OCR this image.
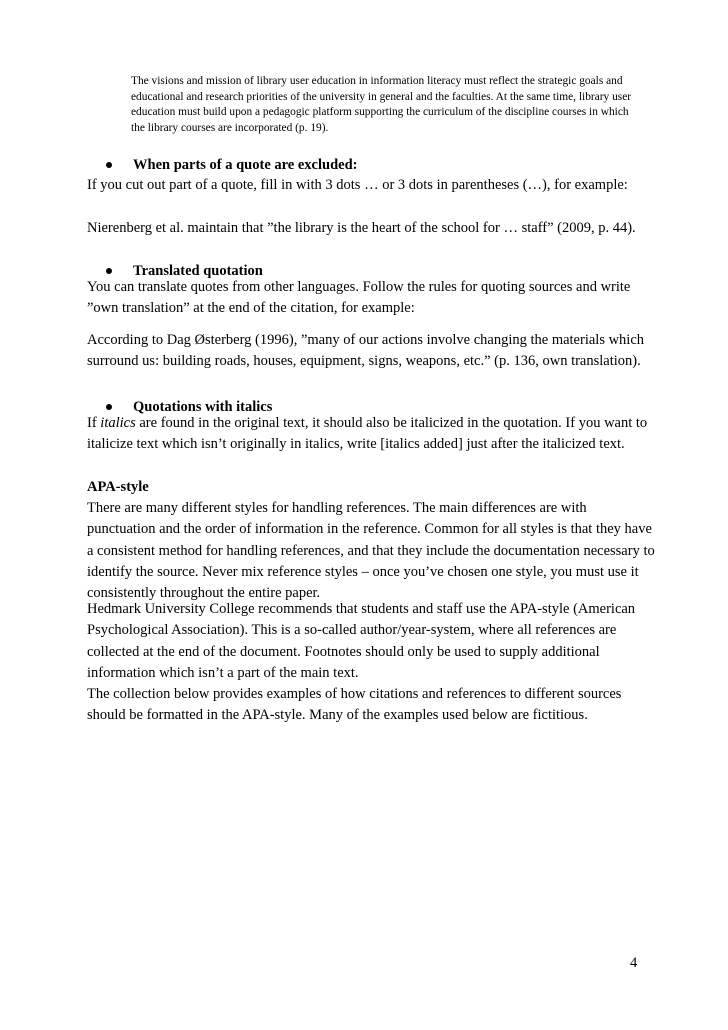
The visions and mission of library user education in information literacy must reflect the strategic goals and educational and research priorities of the university in general and the faculties. At the same time, library user education must build upon a pedagogic platform supporting the curriculum of the discipline courses in which the library courses are incorporated (p. 19).

When parts of a quote are excluded:

If you cut out part of a quote, fill in with 3 dots … or 3 dots in parentheses (…), for example:

Nierenberg et al. maintain that ”the library is the heart of the school for … staff” (2009, p. 44).

Translated quotation

You can translate quotes from other languages. Follow the rules for quoting sources and write ”own translation” at the end of the citation, for example:

According to Dag Østerberg (1996), ”many of our actions involve changing the materials which surround us: building roads, houses, equipment, signs, weapons, etc.” (p. 136, own translation).

Quotations with italics

If italics are found in the original text, it should also be italicized in the quotation. If you want to italicize text which isn’t originally in italics, write [italics added] just after the italicized text.

APA-style

There are many different styles for handling references. The main differences are with punctuation and the order of information in the reference. Common for all styles is that they have a consistent method for handling references, and that they include the documentation necessary to identify the source. Never mix reference styles – once you’ve chosen one style, you must use it consistently throughout the entire paper.

Hedmark University College recommends that students and staff use the APA-style (American Psychological Association). This is a so-called author/year-system, where all references are collected at the end of the document. Footnotes should only be used to supply additional information which isn’t a part of the main text.

The collection below provides examples of how citations and references to different sources should be formatted in the APA-style. Many of the examples used below are fictitious.

4
